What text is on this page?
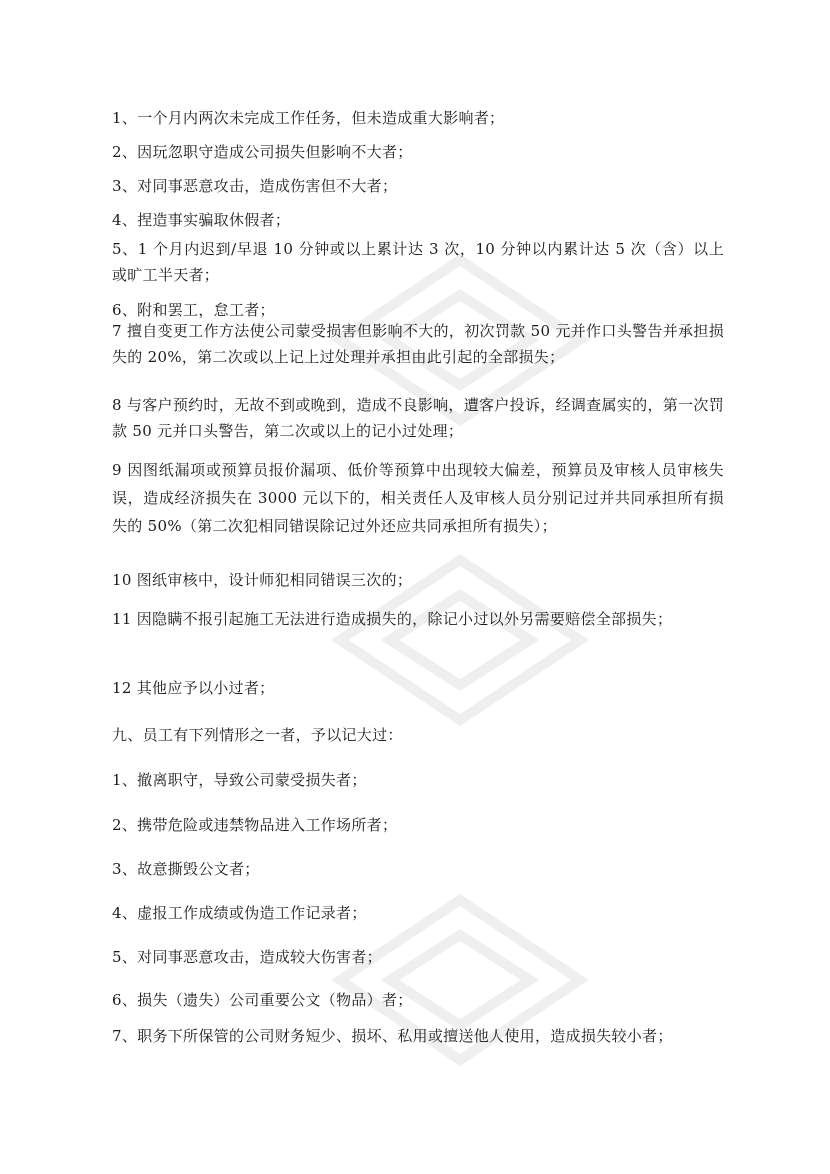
1、一个月内两次未完成工作任务，但未造成重大影响者；
2、因玩忽职守造成公司损失但影响不大者；
3、对同事恶意攻击，造成伤害但不大者；
4、捏造事实骗取休假者；
5、1 个月内迟到/早退 10 分钟或以上累计达 3 次，10 分钟以内累计达 5 次（含）以上或旷工半天者；
6、附和罢工，怠工者；
7 擅自变更工作方法使公司蒙受损害但影响不大的，初次罚款 50 元并作口头警告并承担损失的 20%，第二次或以上记上过处理并承担由此引起的全部损失；
8 与客户预约时，无故不到或晚到，造成不良影响，遭客户投诉，经调查属实的，第一次罚款 50 元并口头警告，第二次或以上的记小过处理；
9 因图纸漏项或预算员报价漏项、低价等预算中出现较大偏差，预算员及审核人员审核失误，造成经济损失在 3000 元以下的，相关责任人及审核人员分别记过并共同承担所有损失的 50%（第二次犯相同错误除记过外还应共同承担所有损失）；
10 图纸审核中，设计师犯相同错误三次的；
11 因隐瞒不报引起施工无法进行造成损失的，除记小过以外另需要赔偿全部损失；
12 其他应予以小过者；
九、员工有下列情形之一者，予以记大过：
1、撤离职守，导致公司蒙受损失者；
2、携带危险或违禁物品进入工作场所者；
3、故意撕毁公文者；
4、虚报工作成绩或伪造工作记录者；
5、对同事恶意攻击，造成较大伤害者；
6、损失（遗失）公司重要公文（物品）者；
7、职务下所保管的公司财务短少、损坏、私用或擅送他人使用，造成损失较小者；
